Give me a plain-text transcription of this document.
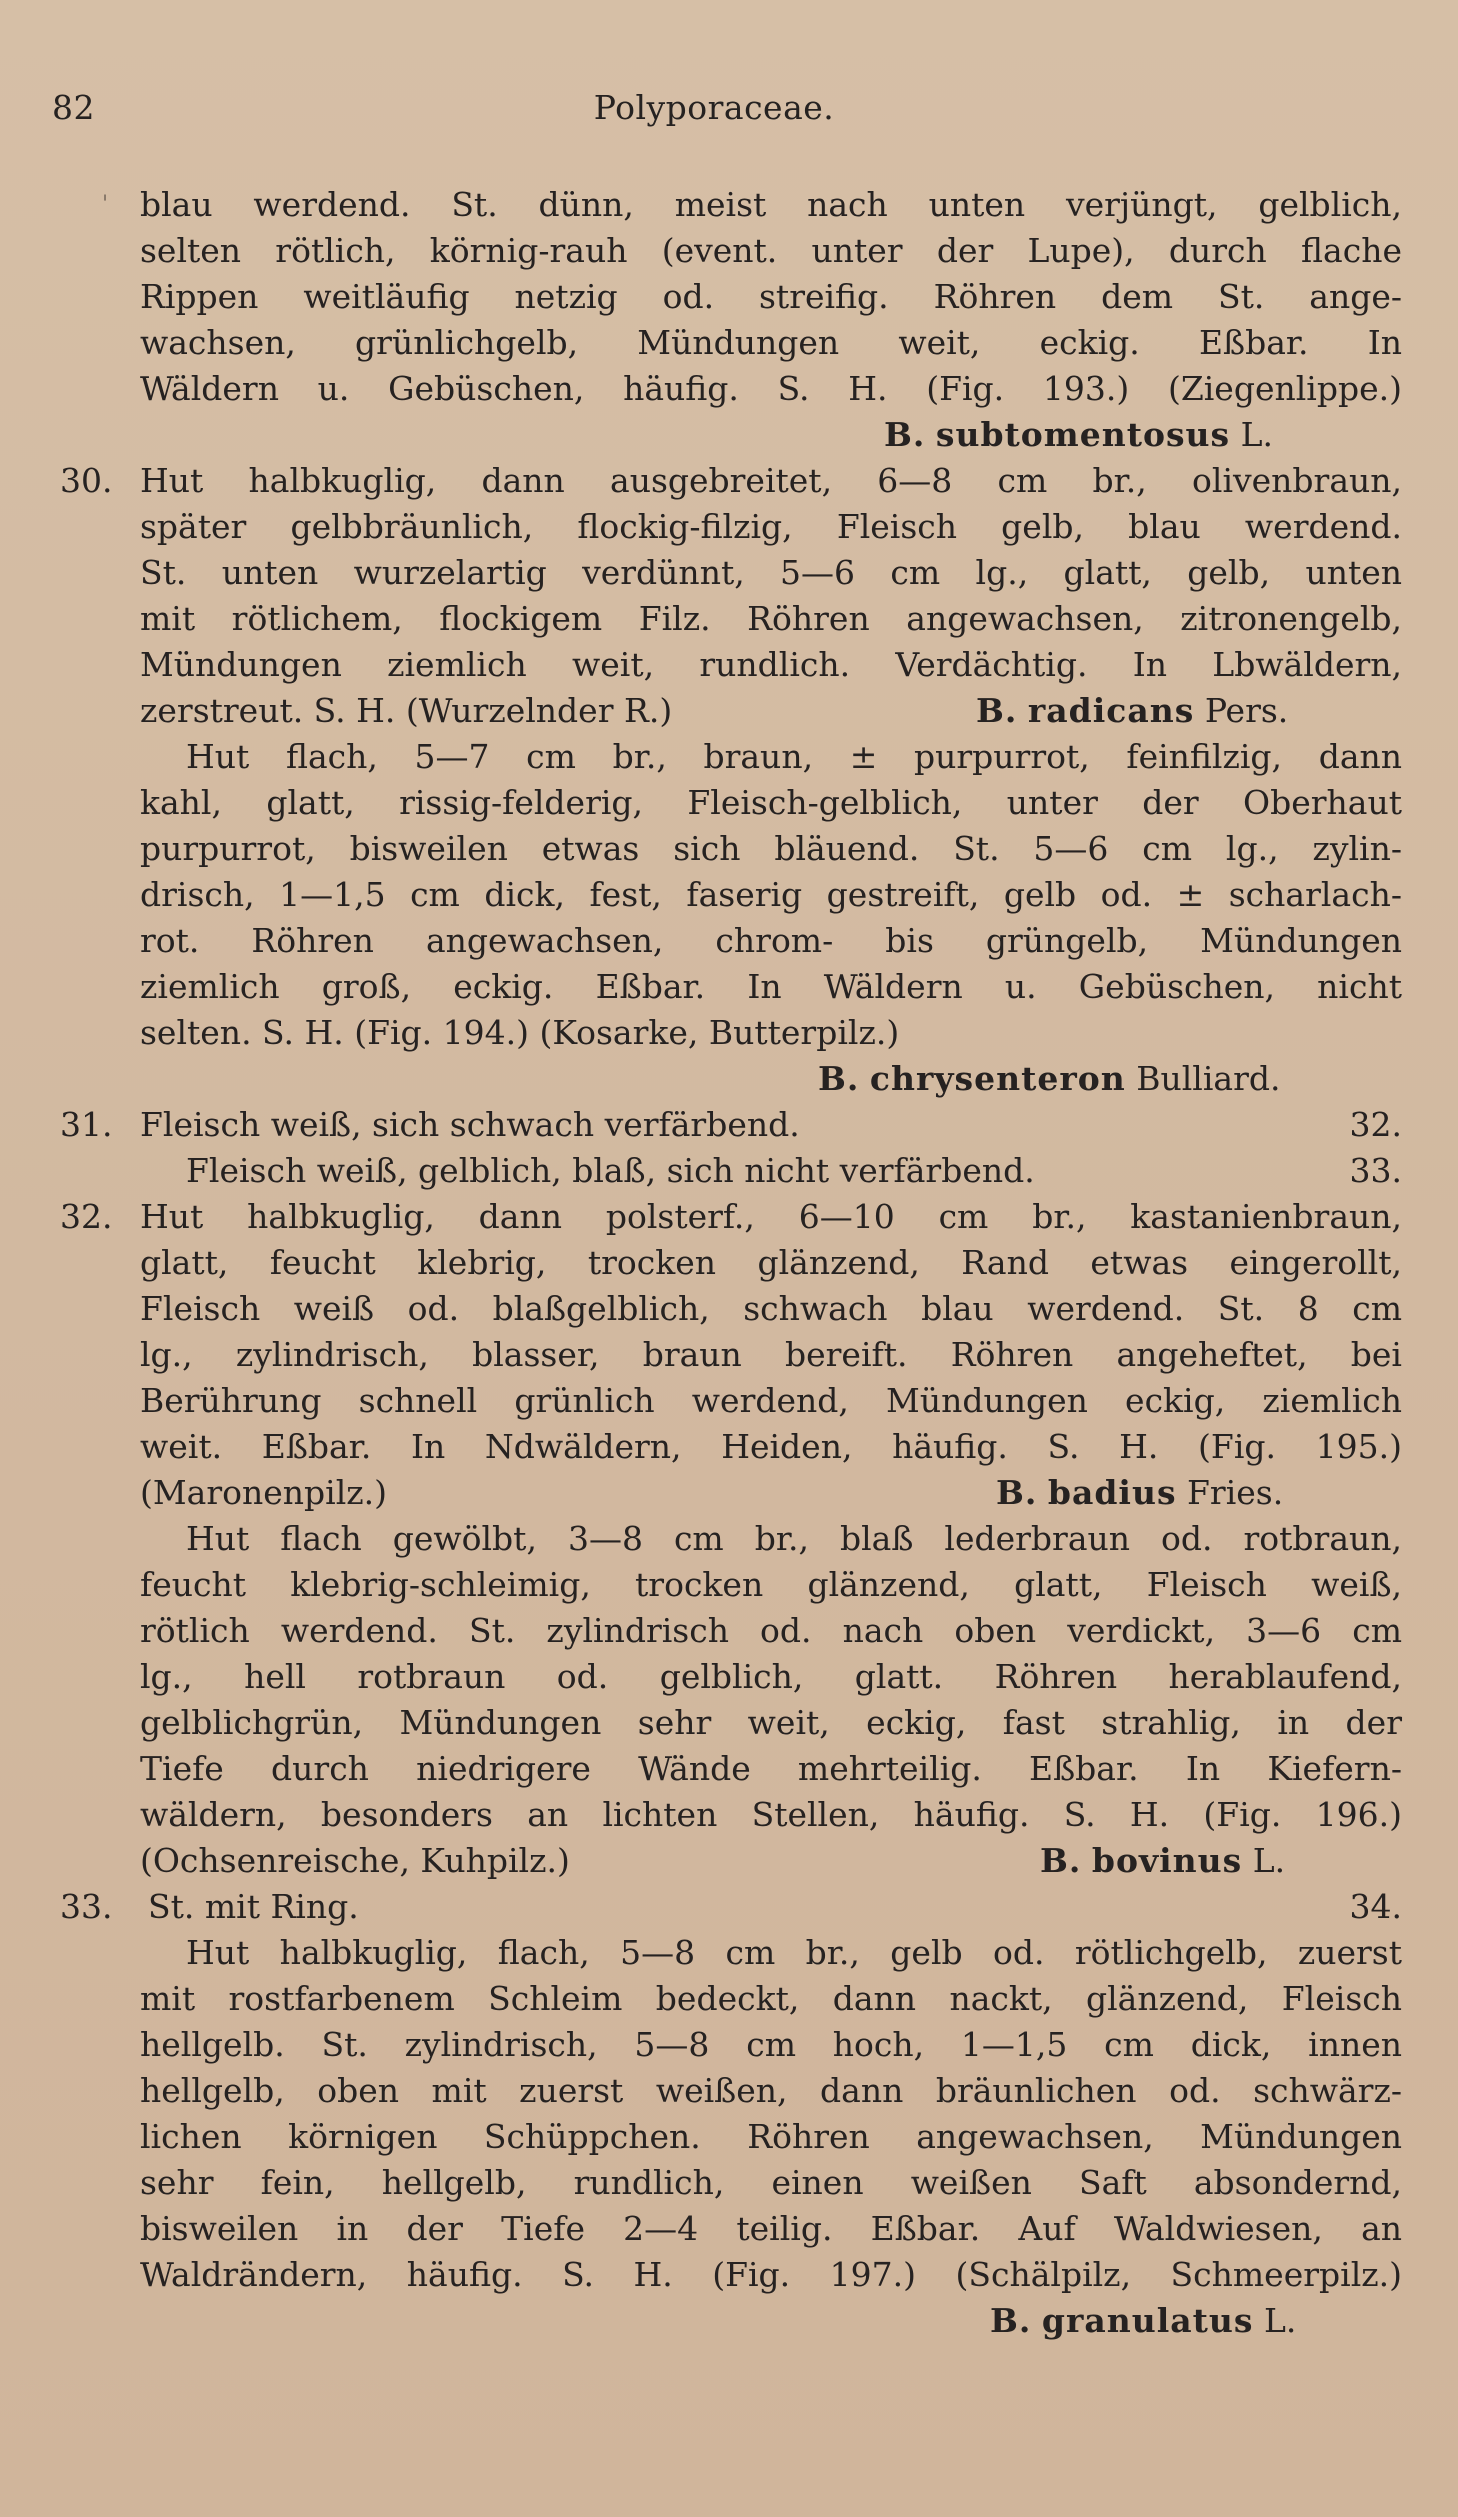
82	Polyporaceae.
' blau werdend. St. dünn, meist nach unten verjüngt, gelblich,
selten rötlich, körnig-rauh (event. unter der Lupe), durch flache
Rippen weitläufig netzig od. streifig. Röhren dem St. ange-
wachsen, grünlichgelb, Mündungen weit, eckig. Eßbar. In
Wäldern u. Gebüschen, häufig. S. H. (Fig. 193.) (Ziegenlippe.)
B. subtomentosus L.
30. Hut halbkuglig, dann ausgebreitet, 6—8 cm br., olivenbraun,
später gelbbräunlich, flockig-filzig, Fleisch gelb, blau werdend.
St. unten wurzelartig verdünnt, 5—6 cm lg., glatt, gelb, unten
mit rötlichem, flockigem Filz. Röhren angewachsen, zitronengelb,
Mündungen ziemlich weit, rundlich. Verdächtig. In Lbwäldern,
zerstreut. S. H. (Wurzelnder R.)	B. radicans Pers.
Hut flach, 5—7 cm br., braun, ± purpurrot, feinfilzig, dann
kahl, glatt, rissig-felderig, Fleisch-gelblich, unter der Oberhaut
purpurrot, bisweilen etwas sich bläuend. St. 5—6 cm lg., zylin-
drisch, 1—1,5 cm dick, fest, faserig gestreift, gelb od. ± scharlach-
rot. Röhren angewachsen, chrom- bis grüngelb, Mündungen
ziemlich groß, eckig. Eßbar. In Wäldern u. Gebüschen, nicht
selten. S. H. (Fig. 194.) (Kosarke, Butterpilz.)
B. chrysenteron Bulliard.
31. Fleisch weiß, sich schwach verfärbend.	32.
Fleisch weiß, gelblich, blaß, sich nicht verfärbend.	33.
32. Hut halbkuglig, dann polsterf., 6—10 cm br., kastanienbraun,
glatt, feucht klebrig, trocken glänzend, Rand etwas eingerollt,
Fleisch weiß od. blaßgelblich, schwach blau werdend. St. 8 cm
lg., zylindrisch, blasser, braun bereift. Röhren angeheftet, bei
Berührung schnell grünlich werdend, Mündungen eckig, ziemlich
weit. Eßbar. In Ndwäldern, Heiden, häufig. S. H. (Fig. 195.)
(Maronenpilz.)	B. badius Fries.
Hut flach gewölbt, 3—8 cm br., blaß lederbraun od. rotbraun,
feucht klebrig-schleimig, trocken glänzend, glatt, Fleisch weiß,
rötlich werdend. St. zylindrisch od. nach oben verdickt, 3—6 cm
lg., hell rotbraun od. gelblich, glatt. Röhren herablaufend,
gelblichgrün, Mündungen sehr weit, eckig, fast strahlig, in der
Tiefe durch niedrigere Wände mehrteilig. Eßbar. In Kiefern-
wäldern, besonders an lichten Stellen, häufig. S. H. (Fig. 196.)
(Ochsenreische, Kuhpilz.)	B. bovinus L.
33.	St. mit Ring.	34.
Hut halbkuglig, flach, 5—8 cm br., gelb od. rötlichgelb, zuerst
mit rostfarbenem Schleim bedeckt, dann nackt, glänzend, Fleisch
hellgelb. St. zylindrisch, 5—8 cm hoch, 1—1,5 cm dick, innen
hellgelb, oben mit zuerst weißen, dann bräunlichen od. schwärz-
lichen körnigen Schüppchen. Röhren angewachsen, Mündungen
sehr fein, hellgelb, rundlich, einen weißen Saft absondernd,
bisweilen in der Tiefe 2—4 teilig. Eßbar. Auf Waldwiesen, an
Waldrändern, häufig. S. H. (Fig. 197.) (Schälpilz, Schmeerpilz.)
B. granulatus L.
